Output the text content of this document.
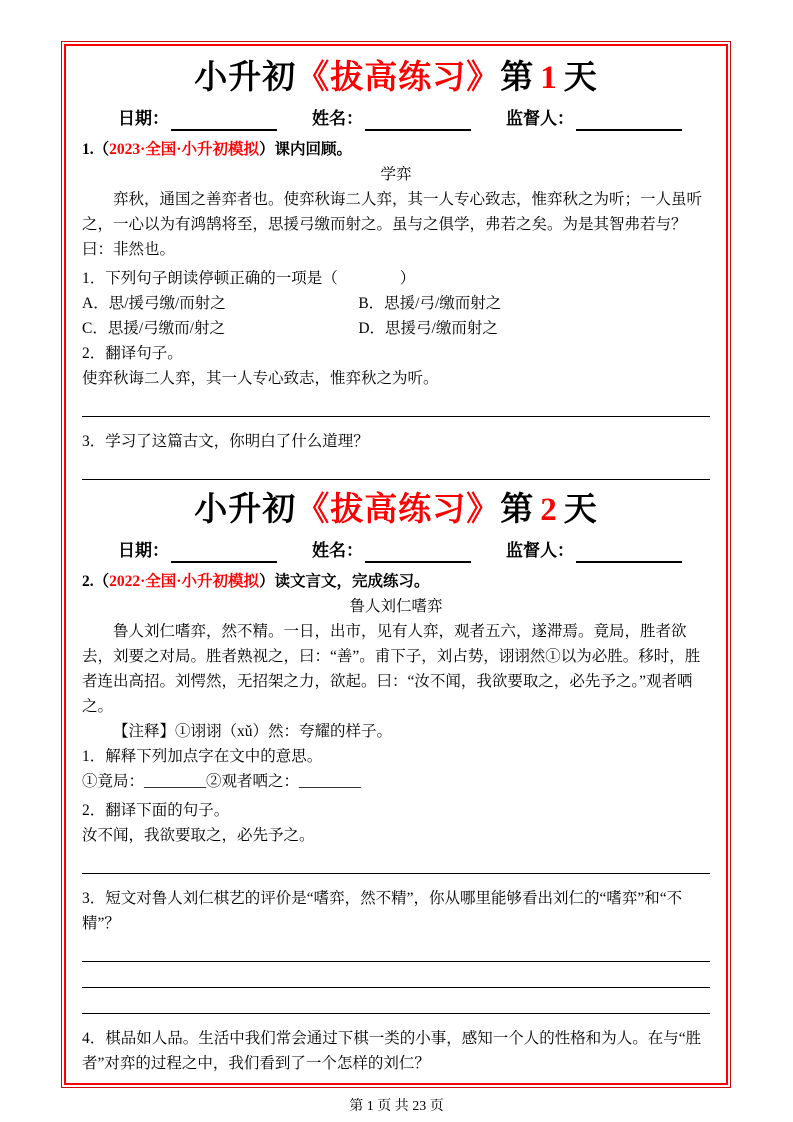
小升初《拔高练习》第 1 天
日期：	姓名：	监督人：
1.（2023·全国·小升初模拟）课内回顾。
学弈
弈秋，通国之善弈者也。使弈秋诲二人弈，其一人专心致志，惟弈秋之为听；一人虽听之，一心以为有鸿鹄将至，思援弓缴而射之。虽与之俱学，弗若之矣。为是其智弗若与？曰：非然也。
1．下列句子朗读停顿正确的一项是（　　　　）
A．思/援弓缴/而射之	B．思援/弓/缴而射之
C．思援/弓缴而/射之	D．思援弓/缴而射之
2．翻译句子。
使弈秋诲二人弈，其一人专心致志，惟弈秋之为听。
3．学习了这篇古文，你明白了什么道理？
小升初《拔高练习》第 2 天
日期：	姓名：	监督人：
2.（2022·全国·小升初模拟）读文言文，完成练习。
鲁人刘仁嗜弈
鲁人刘仁嗜弈，然不精。一日，出市，见有人弈，观者五六，遂滞焉。竟局，胜者欲去，刘要之对局。胜者熟视之，曰：“善”。甫下子，刘占势，诩诩然①以为必胜。移时，胜者连出高招。刘愕然，无招架之力，欲起。曰：“汝不闻，我欲要取之，必先予之。”观者哂之。
【注释】①诩诩（xǔ）然：夸耀的样子。
1．解释下列加点字在文中的意思。
①竟局：________②观者哂之：________
2．翻译下面的句子。
汝不闻，我欲要取之，必先予之。
3．短文对鲁人刘仁棋艺的评价是“嗜弈，然不精”，你从哪里能够看出刘仁的“嗜弈”和“不精”？
4．棋品如人品。生活中我们常会通过下棋一类的小事，感知一个人的性格和为人。在与“胜者”对弈的过程之中，我们看到了一个怎样的刘仁？
第 1 页 共 23 页
